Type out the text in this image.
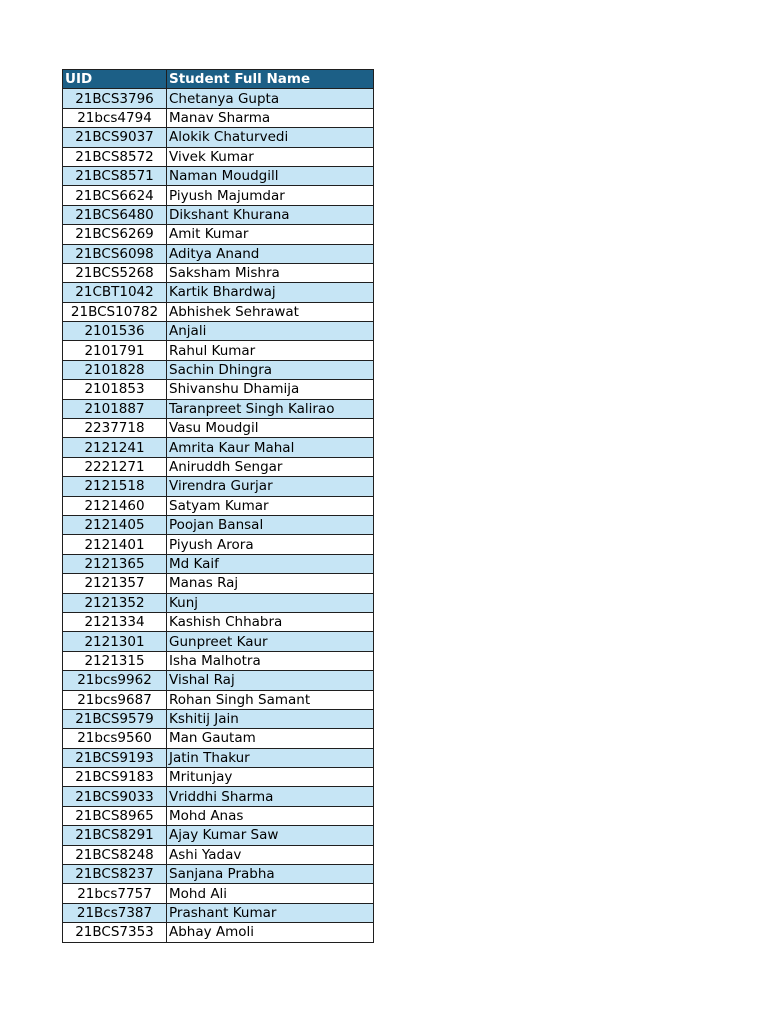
UID	Student Full Name
21BCS3796	Chetanya Gupta
21bcs4794	Manav Sharma
21BCS9037	Alokik Chaturvedi
21BCS8572	Vivek Kumar
21BCS8571	Naman Moudgill
21BCS6624	Piyush Majumdar
21BCS6480	Dikshant Khurana
21BCS6269	Amit Kumar
21BCS6098	Aditya Anand
21BCS5268	Saksham Mishra
21CBT1042	Kartik Bhardwaj
21BCS10782	Abhishek Sehrawat
2101536	Anjali
2101791	Rahul Kumar
2101828	Sachin Dhingra
2101853	Shivanshu Dhamija
2101887	Taranpreet Singh Kalirao
2237718	Vasu Moudgil
2121241	Amrita Kaur Mahal
2221271	Aniruddh Sengar
2121518	Virendra Gurjar
2121460	Satyam Kumar
2121405	Poojan Bansal
2121401	Piyush Arora
2121365	Md Kaif
2121357	Manas Raj
2121352	Kunj
2121334	Kashish Chhabra
2121301	Gunpreet Kaur
2121315	Isha Malhotra
21bcs9962	Vishal Raj
21bcs9687	Rohan Singh Samant
21BCS9579	Kshitij Jain
21bcs9560	Man Gautam
21BCS9193	Jatin Thakur
21BCS9183	Mritunjay
21BCS9033	Vriddhi Sharma
21BCS8965	Mohd Anas
21BCS8291	Ajay Kumar Saw
21BCS8248	Ashi Yadav
21BCS8237	Sanjana Prabha
21bcs7757	Mohd Ali
21Bcs7387	Prashant Kumar
21BCS7353	Abhay Amoli
